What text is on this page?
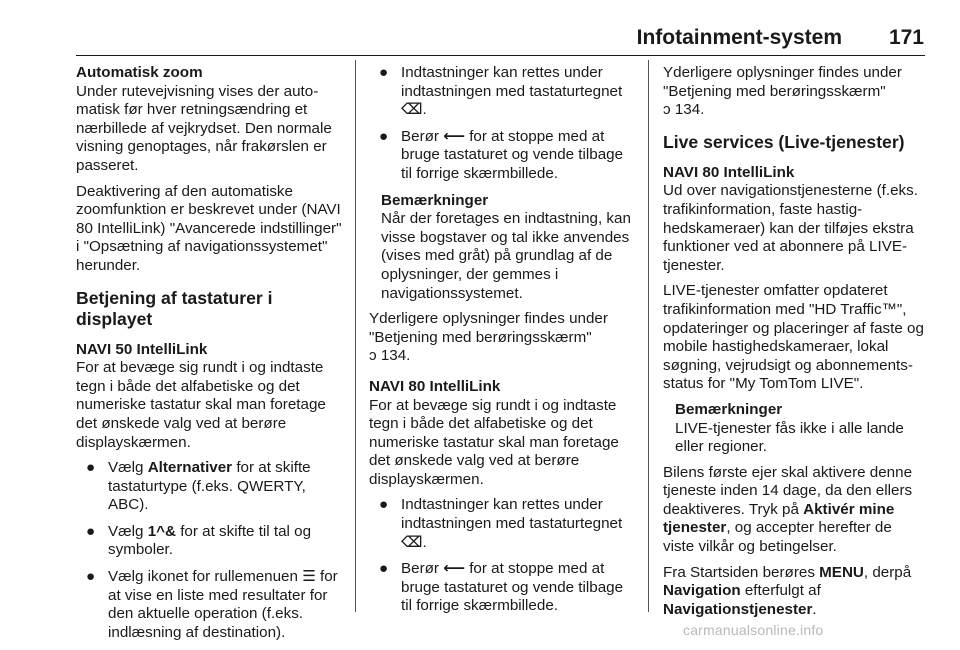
Infotainment-system 171
Automatisk zoom

Under rutevejvisning vises der automatisk før hver retningsændring et nærbillede af vejkrydset. Den normale visning genoptages, når frakørslen er passeret.

Deaktivering af den automatiske zoomfunktion er beskrevet under (NAVI 80 IntelliLink) "Avancerede indstillinger" i "Opsætning af navigationssystemet" herunder.

Betjening af tastaturer i displayet
NAVI 50 IntelliLink

For at bevæge sig rundt i og indtaste tegn i både det alfabetiske og det numeriske tastatur skal man foretage det ønskede valg ved at berøre displayskærmen.

● Vælg Alternativer for at skifte tastaturtype (f.eks. QWERTY, ABC).
● Vælg 1^& for at skifte til tal og symboler.
● Vælg ikonet for rullemenuen ☰ for at vise en liste med resultater for den aktuelle operation (f.eks. indlæsning af destination).
● Indtastninger kan rettes under indtastningen med tastaturtegnet
⌫.
● Berør ⟵ for at stoppe med at bruge tastaturet og vende tilbage til forrige skærmbillede.
Bemærkninger
Når der foretages en indtastning, kan visse bogstaver og tal ikke anvendes (vises med gråt) på grundlag af de oplysninger, der gemmes i navigationssystemet.

Yderligere oplysninger findes under "Betjening med berøringsskærm"
ↄ 134.

NAVI 80 IntelliLink

For at bevæge sig rundt i og indtaste tegn i både det alfabetiske og det numeriske tastatur skal man foretage det ønskede valg ved at berøre displayskærmen.

● Indtastninger kan rettes under indtastningen med tastaturtegnet
⌫.
● Berør ⟵ for at stoppe med at bruge tastaturet og vende tilbage til forrige skærmbillede.

Yderligere oplysninger findes under "Betjening med berøringsskærm"
ↄ 134.

Live services (Live-tjenester)
NAVI 80 IntelliLink

Ud over navigationstjenesterne (f.eks. trafikinformation, faste hastighedskameraer) kan der tilføjes ekstra funktioner ved at abonnere på LIVE-tjenester.

LIVE-tjenester omfatter opdateret trafikinformation med "HD Traffic™", opdateringer og placeringer af faste og mobile hastighedskameraer, lokal søgning, vejrudsigt og abonnementsstatus for "My TomTom LIVE".

Bemærkninger
LIVE-tjenester fås ikke i alle lande eller regioner.

Bilens første ejer skal aktivere denne tjeneste inden 14 dage, da den ellers deaktiveres. Tryk på Aktivér mine tjenester, og accepter herefter de viste vilkår og betingelser.

Fra Startsiden berøres MENU, derpå
Navigation efterfulgt af
Navigationstjenester.

carmanualsonline.info
